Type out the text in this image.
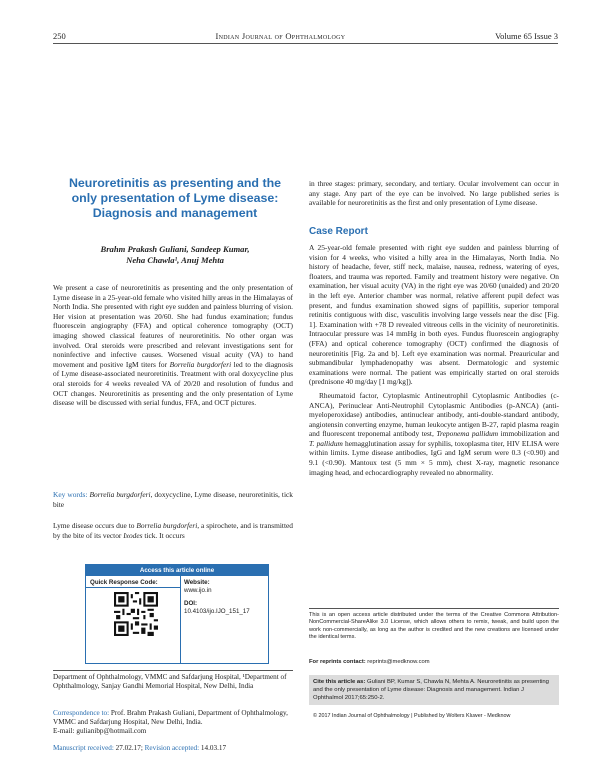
250	Indian Journal of Ophthalmology	Volume 65 Issue 3
Neuroretinitis as presenting and the only presentation of Lyme disease: Diagnosis and management
Brahm Prakash Guliani, Sandeep Kumar,
Neha Chawla¹, Anuj Mehta
We present a case of neuroretinitis as presenting and the only presentation of Lyme disease in a 25-year-old female who visited hilly areas in the Himalayas of North India. She presented with right eye sudden and painless blurring of vision. Her vision at presentation was 20/60. She had fundus examination; fundus fluorescein angiography (FFA) and optical coherence tomography (OCT) imaging showed classical features of neuroretinitis. No other organ was involved. Oral steroids were prescribed and relevant investigations sent for noninfective and infective causes. Worsened visual acuity (VA) to hand movement and positive IgM titers for Borrelia burgdorferi led to the diagnosis of Lyme disease-associated neuroretinitis. Treatment with oral doxycycline plus oral steroids for 4 weeks revealed VA of 20/20 and resolution of fundus and OCT changes. Neuroretinitis as presenting and the only presentation of Lyme disease will be discussed with serial fundus, FFA, and OCT pictures.
Key words: Borrelia burgdorferi, doxycycline, Lyme disease, neuroretinitis, tick bite
Lyme disease occurs due to Borrelia burgdorferi, a spirochete, and is transmitted by the bite of its vector Ixodes tick. It occurs
Access this article online
Quick Response Code:	Website:
www.ijo.in
DOI:
10.4103/ijo.IJO_151_17
Department of Ophthalmology, VMMC and Safdarjung Hospital, ¹Department of Ophthalmology, Sanjay Gandhi Memorial Hospital, New Delhi, India
Correspondence to: Prof. Brahm Prakash Guliani, Department of Ophthalmology, VMMC and Safdarjung Hospital, New Delhi, India.
E-mail: gulianibp@hotmail.com
Manuscript received: 27.02.17; Revision accepted: 14.03.17
in three stages: primary, secondary, and tertiary. Ocular involvement can occur in any stage. Any part of the eye can be involved. No large published series is available for neuroretinitis as the first and only presentation of Lyme disease.
Case Report

A 25-year-old female presented with right eye sudden and painless blurring of vision for 4 weeks, who visited a hilly area in the Himalayas, North India. No history of headache, fever, stiff neck, malaise, nausea, redness, watering of eyes, floaters, and trauma was reported. Family and treatment history were negative. On examination, her visual acuity (VA) in the right eye was 20/60 (unaided) and 20/20 in the left eye. Anterior chamber was normal, relative afferent pupil defect was present, and fundus examination showed signs of papillitis, superior temporal retinitis contiguous with disc, vasculitis involving large vessels near the disc [Fig. 1]. Examination with +78 D revealed vitreous cells in the vicinity of neuroretinitis. Intraocular pressure was 14 mmHg in both eyes. Fundus fluorescein angiography (FFA) and optical coherence tomography (OCT) confirmed the diagnosis of neuroretinitis [Fig. 2a and b]. Left eye examination was normal. Preauricular and submandibular lymphadenopathy was absent. Dermatologic and systemic examinations were normal. The patient was empirically started on oral steroids (prednisone 40 mg/day [1 mg/kg]).

Rheumatoid factor, Cytoplasmic Antineutrophil Cytoplasmic Antibodies (c-ANCA), Perinuclear Anti-Neutrophil Cytoplasmic Antibodies (p-ANCA) (anti-myeloperoxidase) antibodies, antinuclear antibody, anti-double-standard antibody, angiotensin converting enzyme, human leukocyte antigen B-27, rapid plasma reagin and fluorescent treponemal antibody test, Treponema pallidum immobilization and T. pallidum hemagglutination assay for syphilis, toxoplasma titer, HIV ELISA were within limits. Lyme disease antibodies, IgG and IgM serum were 0.3 (<0.90) and 9.1 (<0.90). Mantoux test (5 mm × 5 mm), chest X-ray, magnetic resonance imaging head, and echocardiography revealed no abnormality.

This is an open access article distributed under the terms of the Creative Commons Attribution-NonCommercial-ShareAlike 3.0 License, which allows others to remix, tweak, and build upon the work non-commercially, as long as the author is credited and the new creations are licensed under the identical terms.
For reprints contact: reprints@medknow.com
Cite this article as: Guliani BP, Kumar S, Chawla N, Mehta A. Neuroretinitis as presenting and the only presentation of Lyme disease: Diagnosis and management. Indian J Ophthalmol 2017;65:250-2.
© 2017 Indian Journal of Ophthalmology | Published by Wolters Kluwer - Medknow
